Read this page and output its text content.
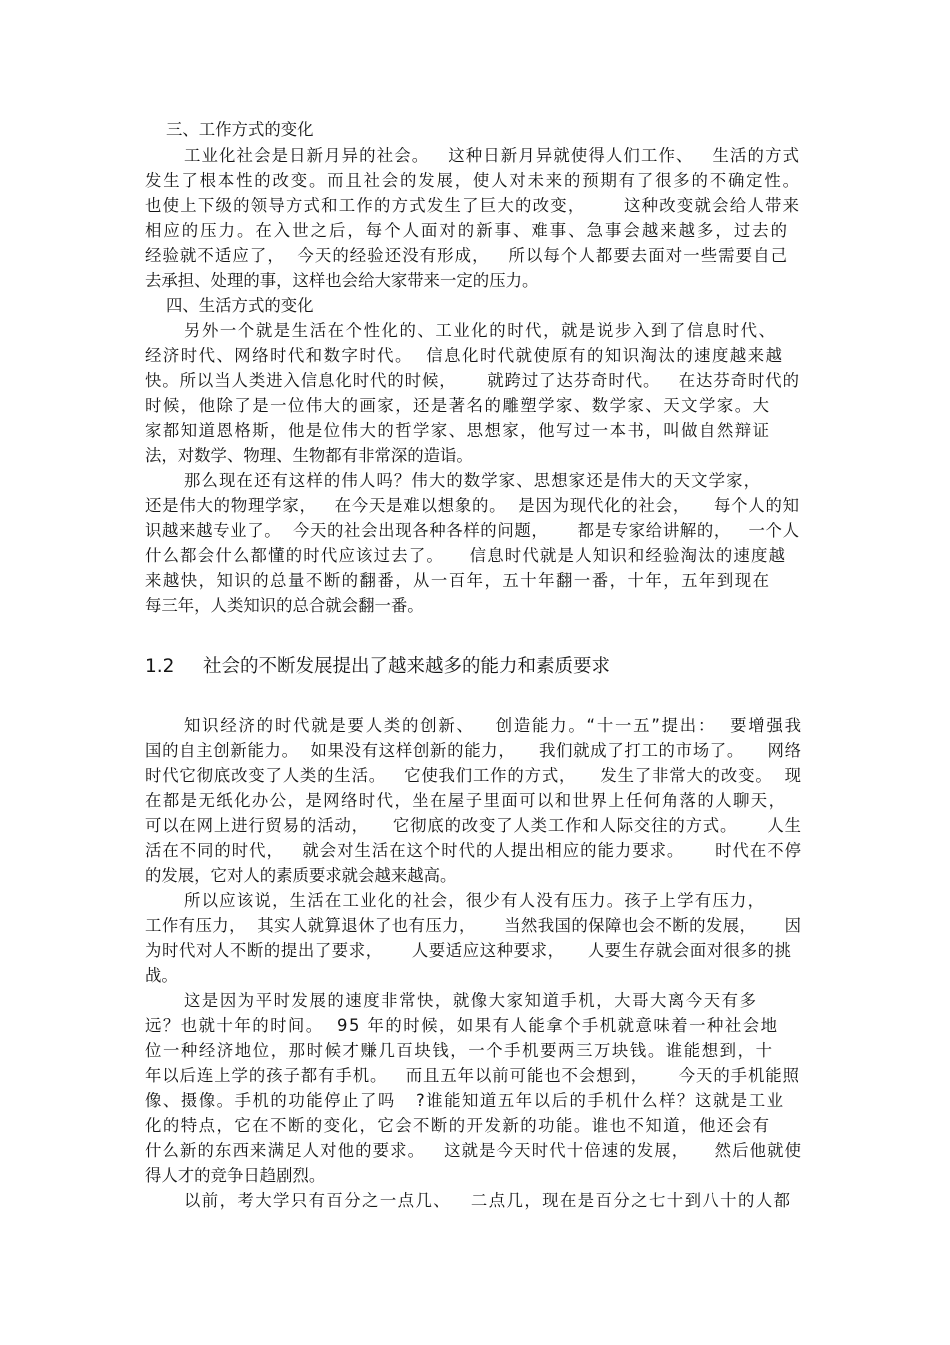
三、工作方式的变化
工业化社会是日新月异的社会。   这种日新月异就使得人们工作、   生活的方式
发生了根本性的改变。而且社会的发展，使人对未来的预期有了很多的不确定性。
也使上下级的领导方式和工作的方式发生了巨大的改变，      这种改变就会给人带来
相应的压力。在入世之后，每个人面对的新事、难事、急事会越来越多，过去的
经验就不适应了，  今天的经验还没有形成，   所以每个人都要去面对一些需要自己
去承担、处理的事，这样也会给大家带来一定的压力。
四、生活方式的变化
另外一个就是生活在个性化的、工业化的时代，就是说步入到了信息时代、
经济时代、网络时代和数字时代。  信息化时代就使原有的知识淘汰的速度越来越
快。所以当人类进入信息化时代的时候，     就跨过了达芬奇时代。   在达芬奇时代的
时候，他除了是一位伟大的画家，还是著名的雕塑学家、数学家、天文学家。大
家都知道恩格斯，他是位伟大的哲学家、思想家，他写过一本书，叫做自然辩证
法，对数学、物理、生物都有非常深的造诣。
那么现在还有这样的伟人吗？伟大的数学家、思想家还是伟大的天文学家，
还是伟大的物理学家，   在今天是难以想象的。  是因为现代化的社会，    每个人的知
识越来越专业了。  今天的社会出现各种各样的问题，     都是专家给讲解的，   一个人
什么都会什么都懂的时代应该过去了。    信息时代就是人知识和经验淘汰的速度越
来越快，知识的总量不断的翻番，从一百年，五十年翻一番，十年，五年到现在
每三年，人类知识的总合就会翻一番。
1.2 社会的不断发展提出了越来越多的能力和素质要求
知识经济的时代就是要人类的创新、   创造能力。“十一五”提出：  要增强我
国的自主创新能力。  如果没有这样创新的能力，    我们就成了打工的市场了。    网络
时代它彻底改变了人类的生活。   它使我们工作的方式，    发生了非常大的改变。  现
在都是无纸化办公，是网络时代，坐在屋子里面可以和世界上任何角落的人聊天，
可以在网上进行贸易的活动，    它彻底的改变了人类工作和人际交往的方式。     人生
活在不同的时代，   就会对生活在这个时代的人提出相应的能力要求。     时代在不停
的发展，它对人的素质要求就会越来越高。
所以应该说，生活在工业化的社会，很少有人没有压力。孩子上学有压力，
工作有压力，  其实人就算退休了也有压力，     当然我国的保障也会不断的发展，     因
为时代对人不断的提出了要求，     人要适应这种要求，    人要生存就会面对很多的挑
战。
这是因为平时发展的速度非常快，就像大家知道手机，大哥大离今天有多
远？也就十年的时间。  95 年的时候，如果有人能拿个手机就意味着一种社会地
位一种经济地位，那时候才赚几百块钱，一个手机要两三万块钱。谁能想到，十
年以后连上学的孩子都有手机。   而且五年以前可能也不会想到，     今天的手机能照
像、摄像。手机的功能停止了吗   ?谁能知道五年以后的手机什么样？这就是工业
化的特点，它在不断的变化，它会不断的开发新的功能。谁也不知道，他还会有
什么新的东西来满足人对他的要求。   这就是今天时代十倍速的发展，    然后他就使
得人才的竞争日趋剧烈。
以前，考大学只有百分之一点几、   二点几，现在是百分之七十到八十的人都
